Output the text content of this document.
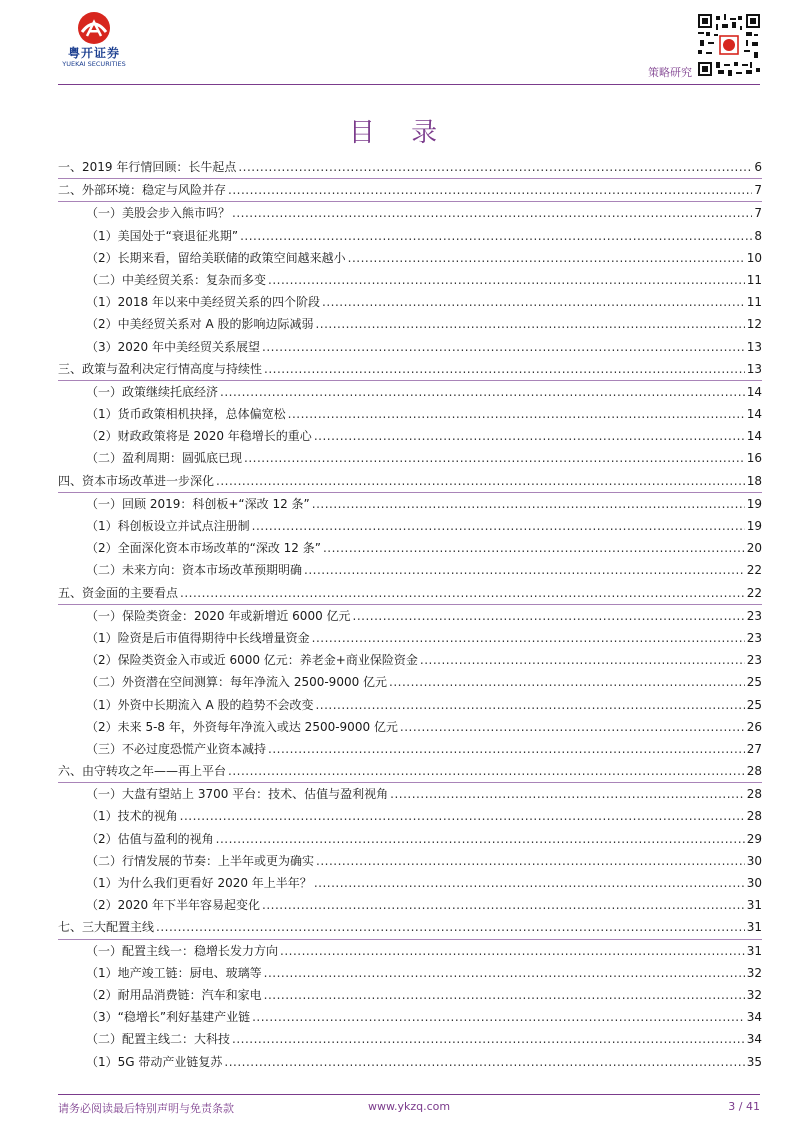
粤开证券
YUEKAI SECURITIES
策略研究
目 录
一、2019 年行情回顾：长牛起点 .....	6
二、外部环境：稳定与风险并存 .....	7
（一）美股会步入熊市吗？ .....	7
（1）美国处于“衰退征兆期” .....	8
（2）长期来看，留给美联储的政策空间越来越小 .....	10
（二）中美经贸关系：复杂而多变 .....	11
（1）2018 年以来中美经贸关系的四个阶段 .....	11
（2）中美经贸关系对 A 股的影响边际减弱 .....	12
（3）2020 年中美经贸关系展望 .....	13
三、政策与盈利决定行情高度与持续性 .....	13
（一）政策继续托底经济 .....	14
（1）货币政策相机抉择，总体偏宽松 .....	14
（2）财政政策将是 2020 年稳增长的重心 .....	14
（二）盈利周期：圆弧底已现 .....	16
四、资本市场改革进一步深化 .....	18
（一）回顾 2019：科创板+“深改 12 条” .....	19
（1）科创板设立并试点注册制 .....	19
（2）全面深化资本市场改革的“深改 12 条” .....	20
（二）未来方向：资本市场改革预期明确 .....	22
五、资金面的主要看点 .....	22
（一）保险类资金：2020 年或新增近 6000 亿元 .....	23
（1）险资是后市值得期待中长线增量资金 .....	23
（2）保险类资金入市或近 6000 亿元：养老金+商业保险资金 .....	23
（二）外资潜在空间测算：每年净流入 2500-9000 亿元 .....	25
（1）外资中长期流入 A 股的趋势不会改变 .....	25
（2）未来 5-8 年，外资每年净流入或达 2500-9000 亿元 .....	26
（三）不必过度恐慌产业资本减持 .....	27
六、由守转攻之年——再上平台 .....	28
（一）大盘有望站上 3700 平台：技术、估值与盈利视角 .....	28
（1）技术的视角 .....	28
（2）估值与盈利的视角 .....	29
（二）行情发展的节奏：上半年或更为确实 .....	30
（1）为什么我们更看好 2020 年上半年？ .....	30
（2）2020 年下半年容易起变化 .....	31
七、三大配置主线 .....	31
（一）配置主线一：稳增长发力方向 .....	31
（1）地产竣工链：厨电、玻璃等 .....	32
（2）耐用品消费链：汽车和家电 .....	32
（3）“稳增长”利好基建产业链 .....	34
（二）配置主线二：大科技 .....	34
（1）5G 带动产业链复苏 .....	35
请务必阅读最后特别声明与免责条款	www.ykzq.com	3 / 41
